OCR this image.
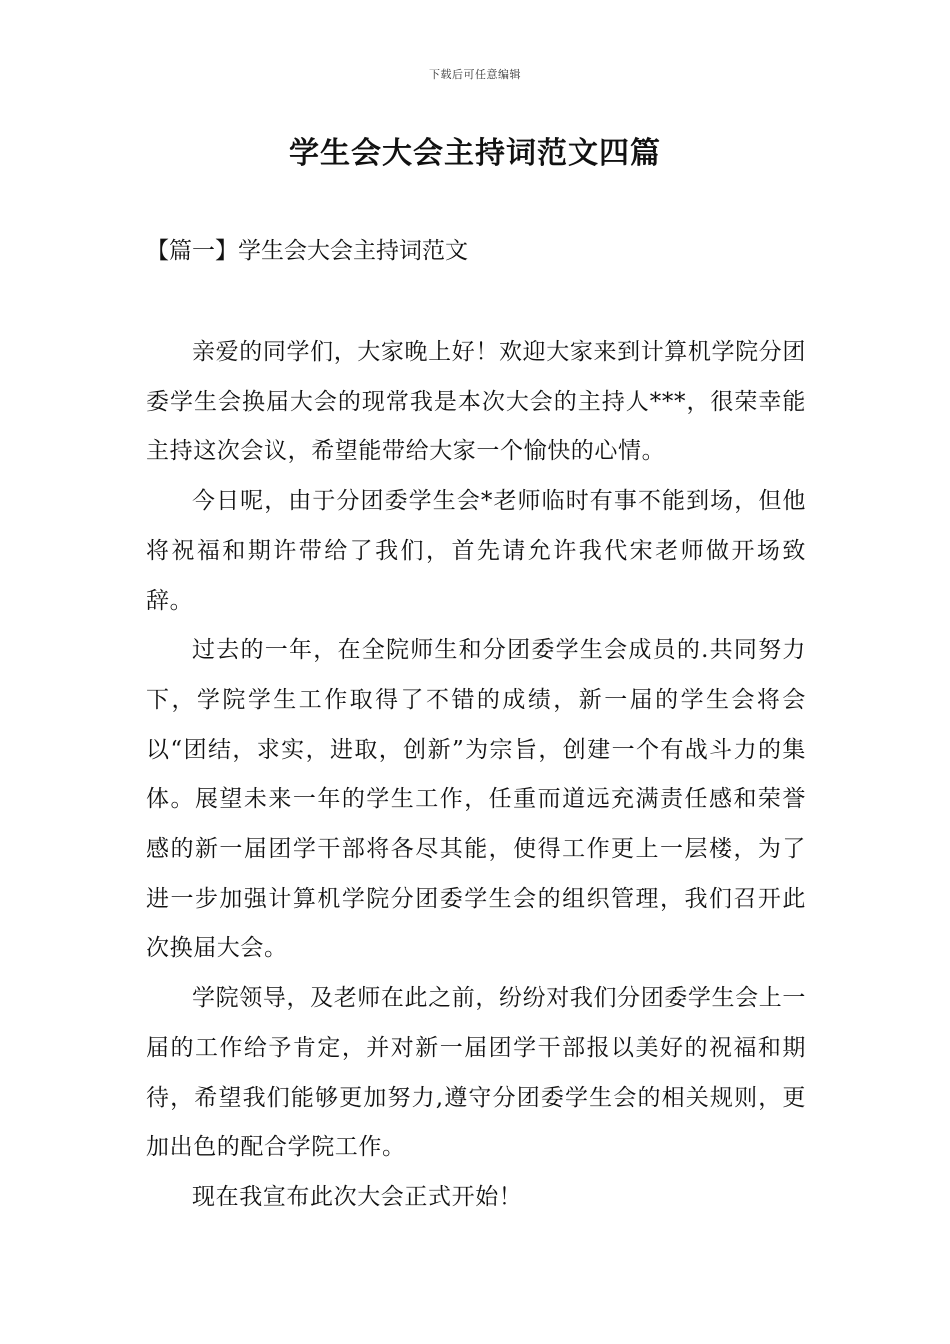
下载后可任意编辑
学生会大会主持词范文四篇
【篇一】学生会大会主持词范文

亲爱的同学们，大家晚上好！欢迎大家来到计算机学院分团委学生会换届大会的现常我是本次大会的主持人***，很荣幸能主持这次会议，希望能带给大家一个愉快的心情。

今日呢，由于分团委学生会*老师临时有事不能到场，但他将祝福和期许带给了我们，首先请允许我代宋老师做开场致辞。

过去的一年，在全院师生和分团委学生会成员的.共同努力下，学院学生工作取得了不错的成绩，新一届的学生会将会以“团结，求实，进取，创新”为宗旨，创建一个有战斗力的集体。展望未来一年的学生工作，任重而道远充满责任感和荣誉感的新一届团学干部将各尽其能，使得工作更上一层楼，为了进一步加强计算机学院分团委学生会的组织管理，我们召开此次换届大会。

学院领导，及老师在此之前，纷纷对我们分团委学生会上一届的工作给予肯定，并对新一届团学干部报以美好的祝福和期待，希望我们能够更加努力,遵守分团委学生会的相关规则，更加出色的配合学院工作。

现在我宣布此次大会正式开始！
